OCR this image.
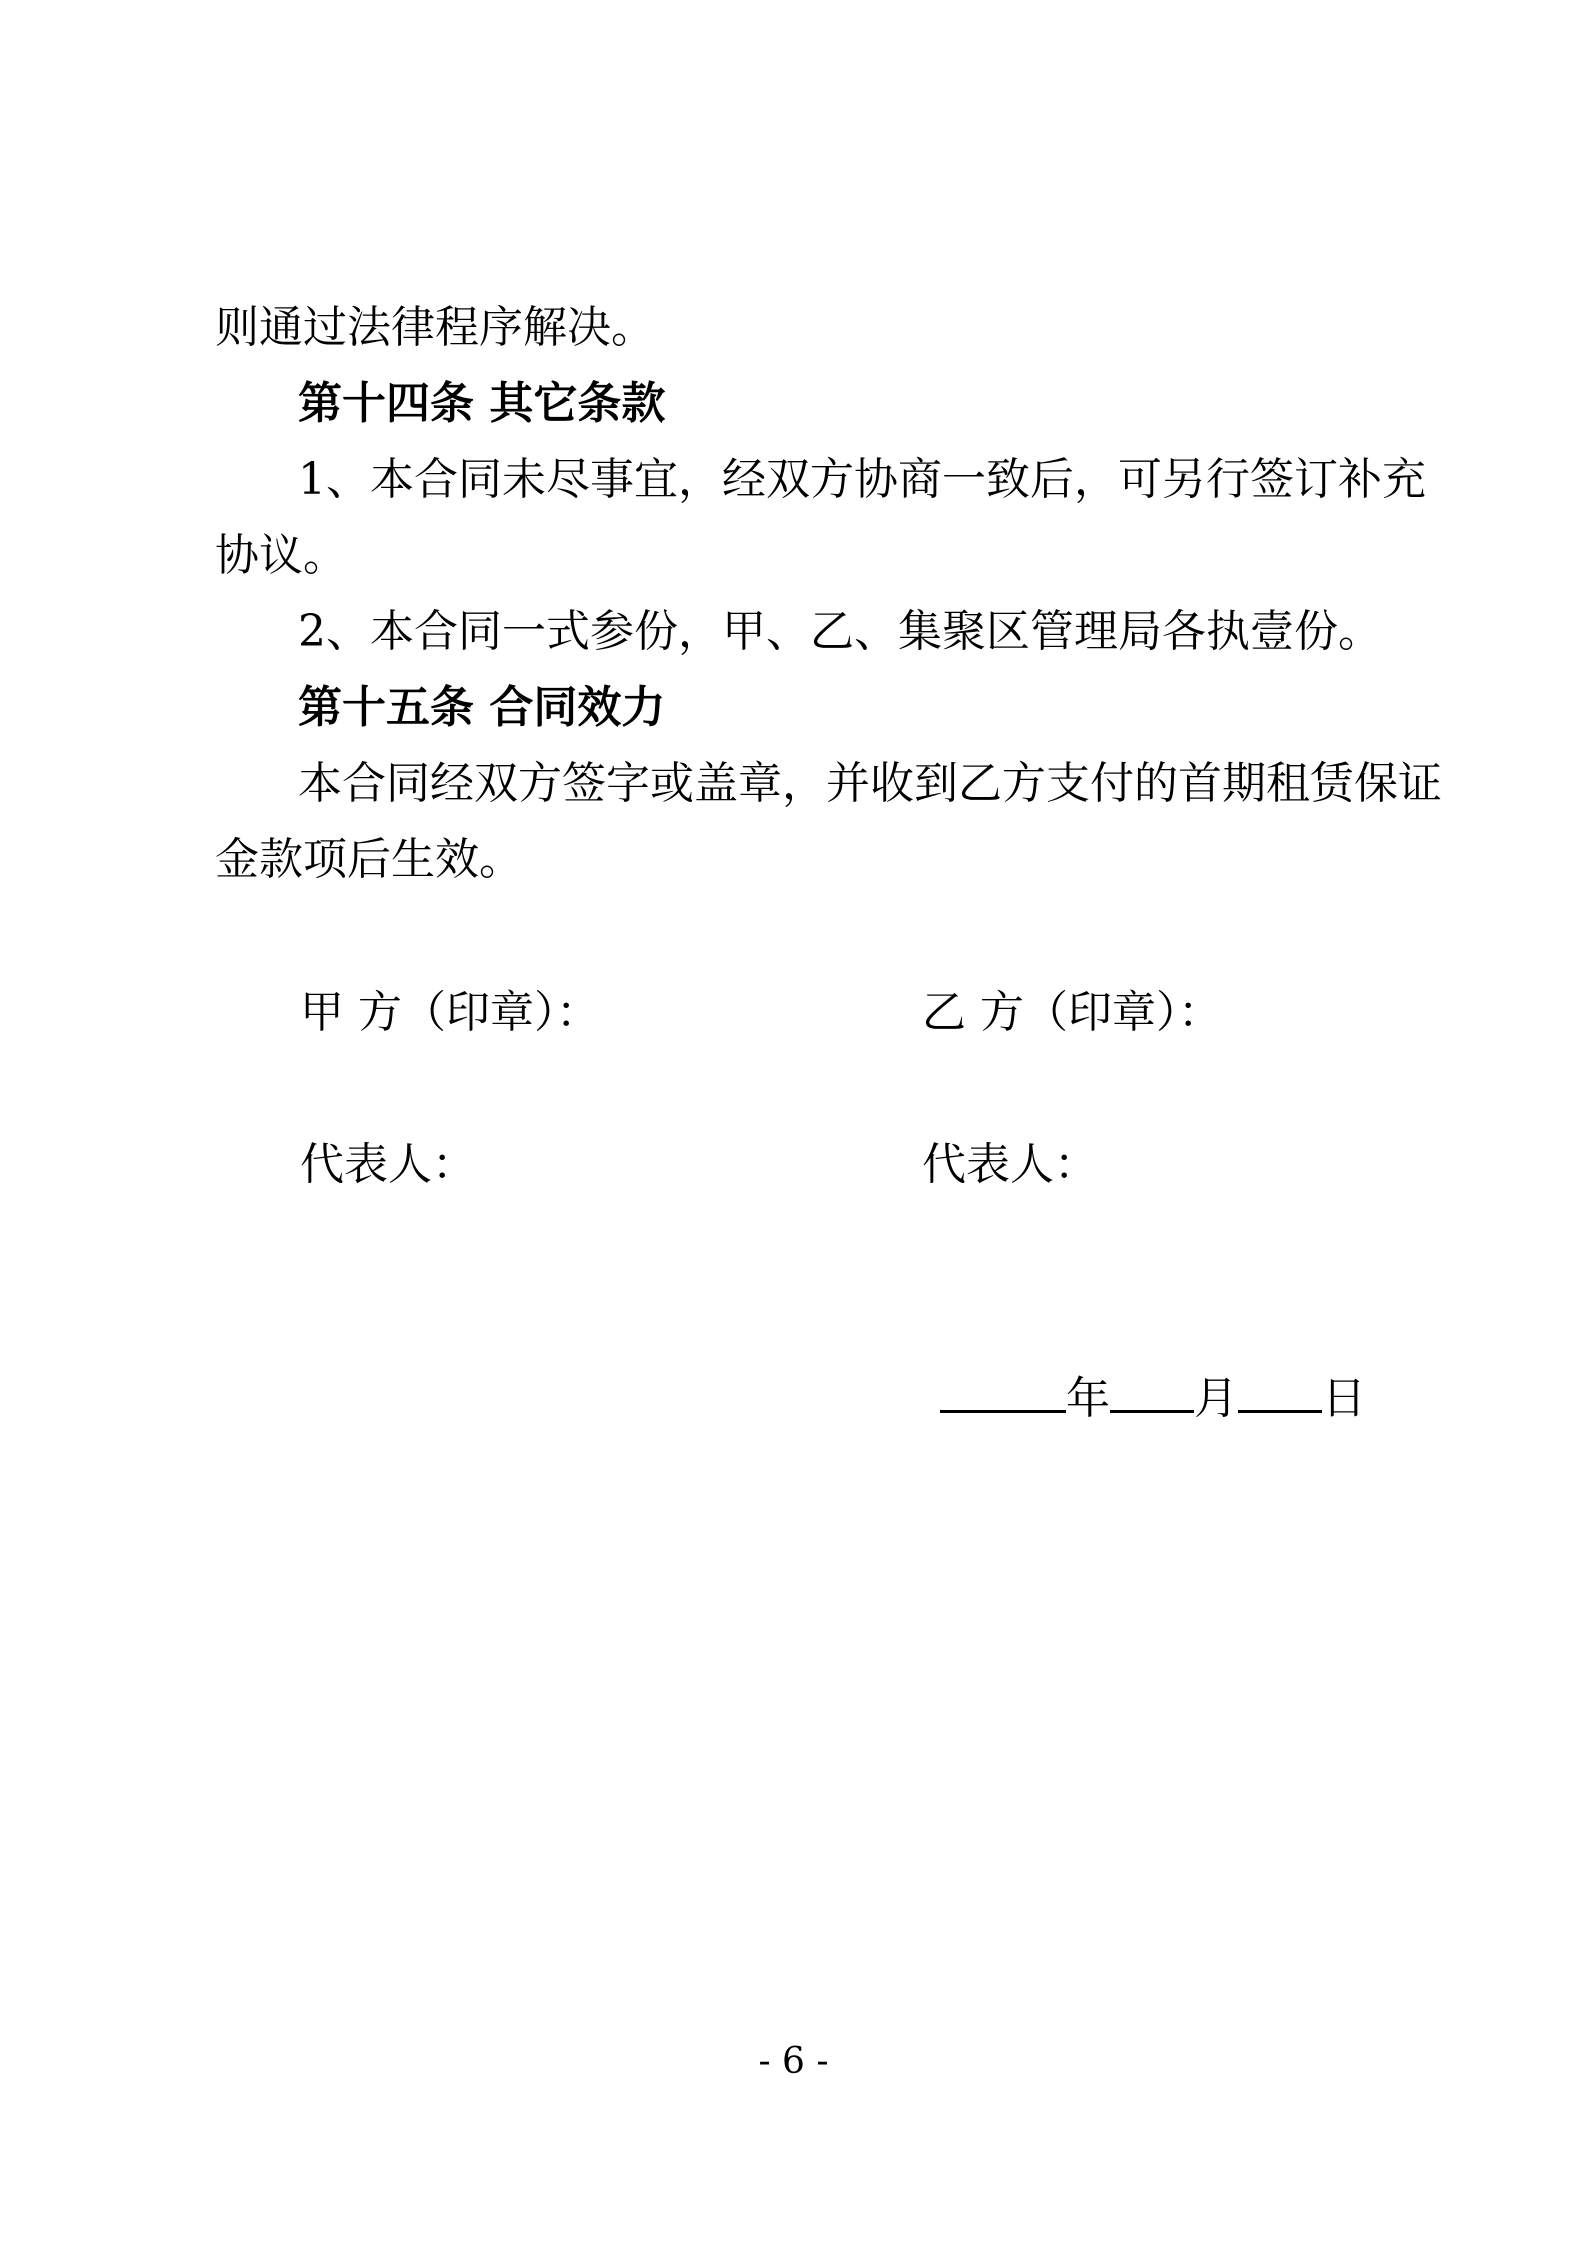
则通过法律程序解决。

第十四条 其它条款

1、本合同未尽事宜，经双方协商一致后，可另行签订补充

协议。

2、本合同一式参份，甲、乙、集聚区管理局各执壹份。

第十五条 合同效力

本合同经双方签字或盖章，并收到乙方支付的首期租赁保证

金款项后生效。

甲 方（印章）：	乙 方（印章）：

代表人：	代表人：

年 月 日

- 6 -
